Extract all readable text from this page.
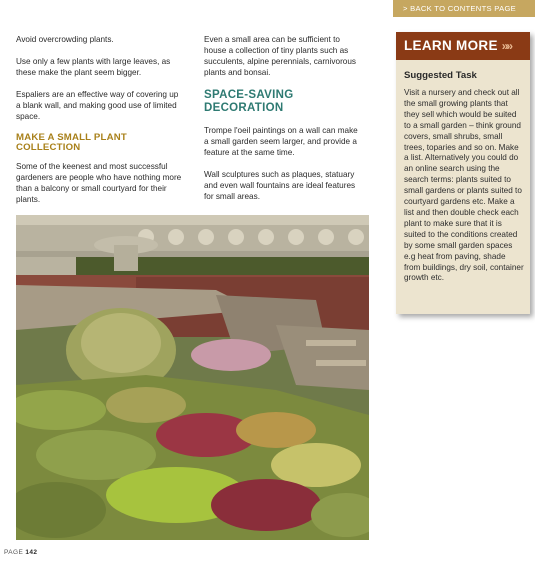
> BACK TO CONTENTS PAGE

Avoid overcrowding plants.

Use only a few plants with large leaves, as these make the plant seem bigger.

Espaliers are an effective way of covering up a blank wall, and making good use of limited space.

MAKE A SMALL PLANT COLLECTION

Some of the keenest and most successful gardeners are people who have nothing more than a balcony or small courtyard for their plants.

Even a small area can be sufficient to house a collection of tiny plants such as succulents, alpine perennials, carnivorous plants and bonsai.

SPACE-SAVING DECORATION

Trompe l'oeil paintings on a wall can make a small garden seem larger, and provide a feature at the same time.

Wall sculptures such as plaques, statuary and even wall fountains are ideal features for small areas.

LEARN MORE »»
Suggested Task
Visit a nursery and check out all the small growing plants that they sell which would be suited to a small garden – think ground covers, small shrubs, small trees, toparies and so on. Make a list. Alternatively you could do an online search using the search terms: plants suited to small gardens or plants suited to courtyard gardens etc. Make a list and then double check each plant to make sure that it is suited to the conditions created by some small garden spaces e.g heat from paving, shade from buildings, dry soil, container growth etc.
PAGE 142
